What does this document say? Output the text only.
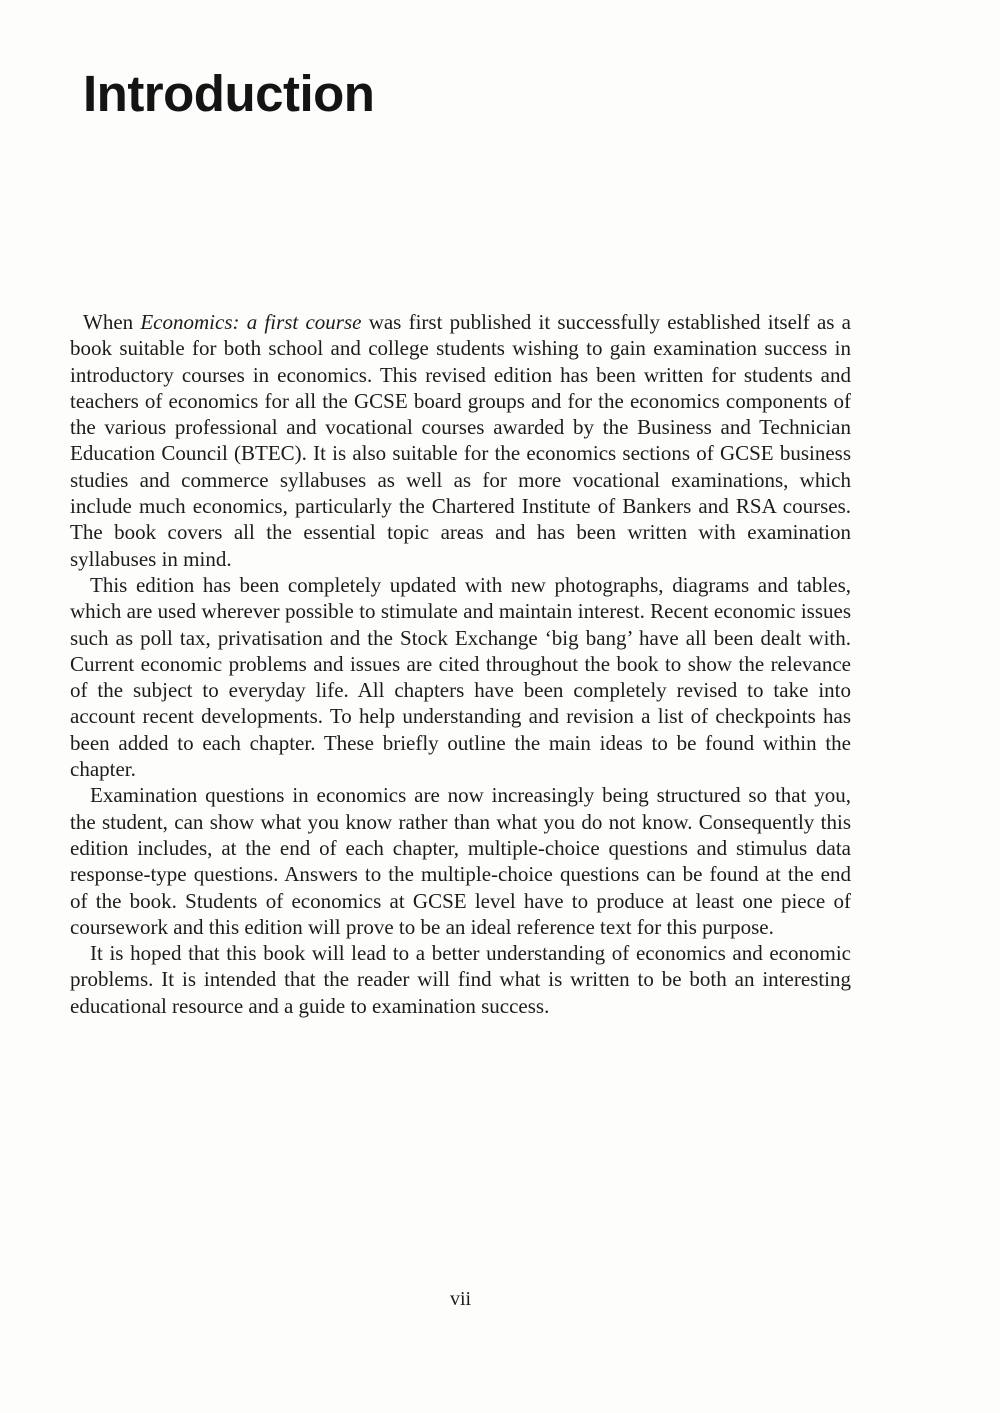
Introduction

When Economics: a first course was first published it successfully established itself as a book suitable for both school and college students wishing to gain examination success in introductory courses in economics. This revised edition has been written for students and teachers of economics for all the GCSE board groups and for the economics components of the various professional and vocational courses awarded by the Business and Technician Education Council (BTEC). It is also suitable for the economics sections of GCSE business studies and commerce syllabuses as well as for more vocational examinations, which include much economics, particularly the Chartered Institute of Bankers and RSA courses. The book covers all the essential topic areas and has been written with examination syllabuses in mind.

This edition has been completely updated with new photographs, diagrams and tables, which are used wherever possible to stimulate and maintain interest. Recent economic issues such as poll tax, privatisation and the Stock Exchange ‘big bang’ have all been dealt with. Current economic problems and issues are cited throughout the book to show the relevance of the subject to everyday life. All chapters have been completely revised to take into account recent developments. To help understanding and revision a list of checkpoints has been added to each chapter. These briefly outline the main ideas to be found within the chapter.

Examination questions in economics are now increasingly being structured so that you, the student, can show what you know rather than what you do not know. Consequently this edition includes, at the end of each chapter, multiple-choice questions and stimulus data response-type questions. Answers to the multiple-choice questions can be found at the end of the book. Students of economics at GCSE level have to produce at least one piece of coursework and this edition will prove to be an ideal reference text for this purpose.

It is hoped that this book will lead to a better understanding of economics and economic problems. It is intended that the reader will find what is written to be both an interesting educational resource and a guide to examination success.

vii
